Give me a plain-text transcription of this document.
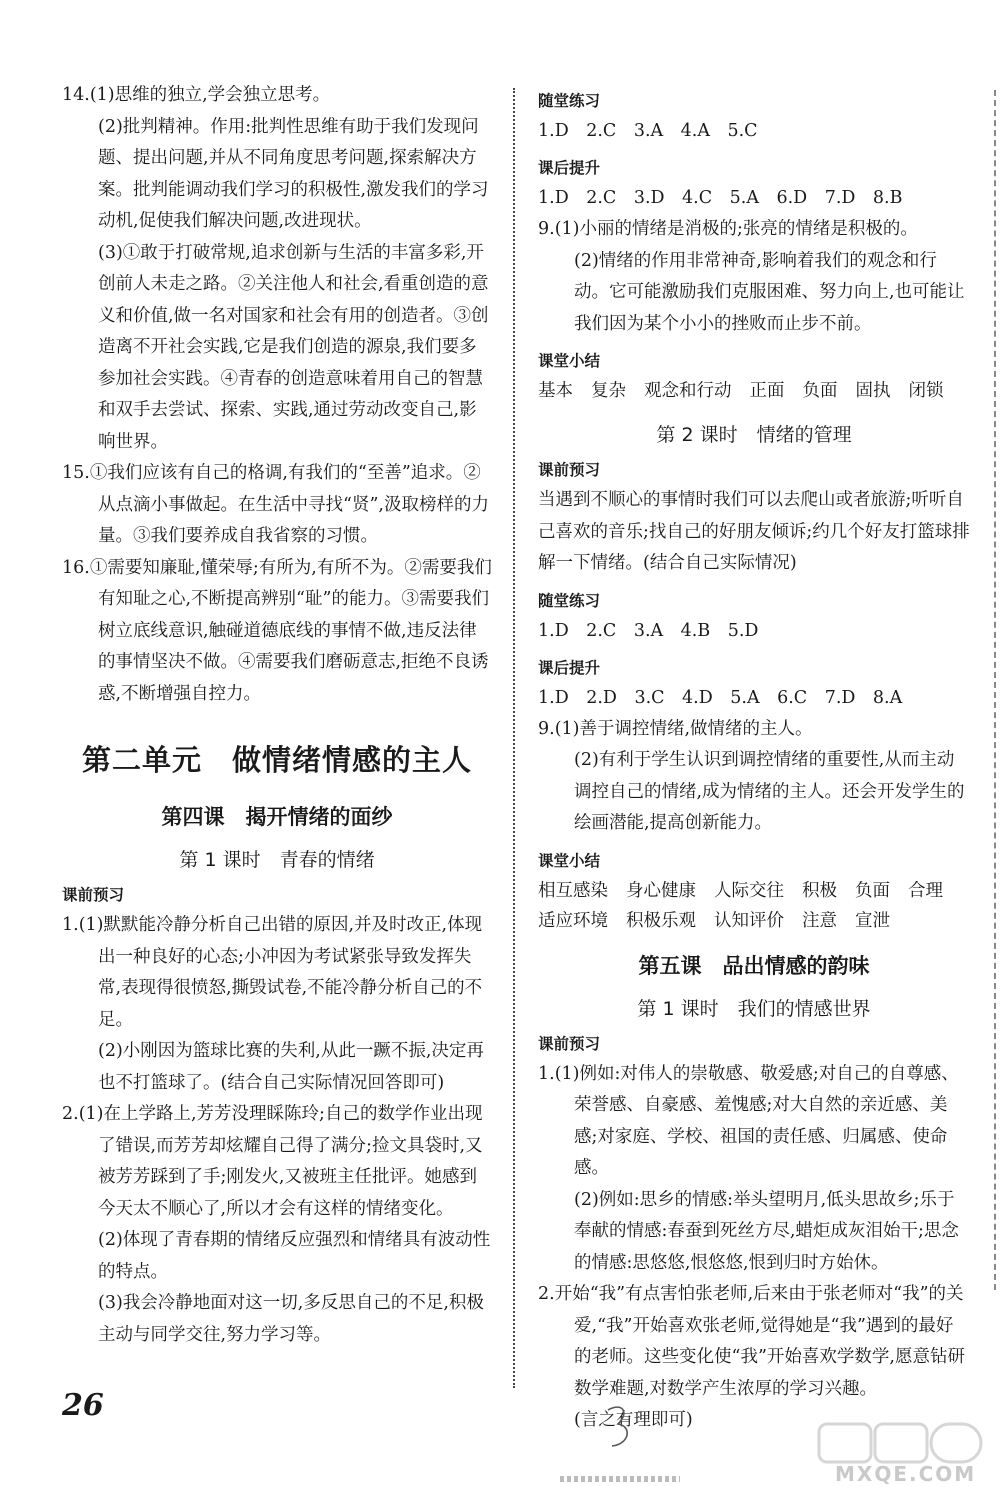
14.(1)思维的独立,学会独立思考。

(2)批判精神。作用:批判性思维有助于我们发现问题、提出问题,并从不同角度思考问题,探索解决方案。批判能调动我们学习的积极性,激发我们的学习动机,促使我们解决问题,改进现状。

(3)①敢于打破常规,追求创新与生活的丰富多彩,开创前人未走之路。②关注他人和社会,看重创造的意义和价值,做一名对国家和社会有用的创造者。③创造离不开社会实践,它是我们创造的源泉,我们要多参加社会实践。④青春的创造意味着用自己的智慧和双手去尝试、探索、实践,通过劳动改变自己,影响世界。

15.①我们应该有自己的格调,有我们的“至善”追求。②从点滴小事做起。在生活中寻找“贤”,汲取榜样的力量。③我们要养成自我省察的习惯。

16.①需要知廉耻,懂荣辱;有所为,有所不为。②需要我们有知耻之心,不断提高辨别“耻”的能力。③需要我们树立底线意识,触碰道德底线的事情不做,违反法律的事情坚决不做。④需要我们磨砺意志,拒绝不良诱惑,不断增强自控力。

第二单元　做情绪情感的主人
第四课　揭开情绪的面纱
第 1 课时　青春的情绪
课前预习

1.(1)默默能冷静分析自己出错的原因,并及时改正,体现出一种良好的心态;小冲因为考试紧张导致发挥失常,表现得很愤怒,撕毁试卷,不能冷静分析自己的不足。

(2)小刚因为篮球比赛的失利,从此一蹶不振,决定再也不打篮球了。(结合自己实际情况回答即可)

2.(1)在上学路上,芳芳没理睬陈玲;自己的数学作业出现了错误,而芳芳却炫耀自己得了满分;捡文具袋时,又被芳芳踩到了手;刚发火,又被班主任批评。她感到今天太不顺心了,所以才会有这样的情绪变化。

(2)体现了青春期的情绪反应强烈和情绪具有波动性的特点。

(3)我会冷静地面对这一切,多反思自己的不足,积极主动与同学交往,努力学习等。

26
随堂练习

1.D　2.C　3.A　4.A　5.C

课后提升

1.D　2.C　3.D　4.C　5.A　6.D　7.D　8.B

9.(1)小丽的情绪是消极的;张亮的情绪是积极的。

(2)情绪的作用非常神奇,影响着我们的观念和行动。它可能激励我们克服困难、努力向上,也可能让我们因为某个小小的挫败而止步不前。

课堂小结
基本 复杂 观念和行动 正面 负面 固执 闭锁
第 2 课时　情绪的管理
课前预习

当遇到不顺心的事情时我们可以去爬山或者旅游;听听自己喜欢的音乐;找自己的好朋友倾诉;约几个好友打篮球排解一下情绪。(结合自己实际情况)

随堂练习

1.D　2.C　3.A　4.B　5.D

课后提升

1.D　2.D　3.C　4.D　5.A　6.C　7.D　8.A

9.(1)善于调控情绪,做情绪的主人。

(2)有利于学生认识到调控情绪的重要性,从而主动调控自己的情绪,成为情绪的主人。还会开发学生的绘画潜能,提高创新能力。

课堂小结
相互感染 身心健康 人际交往 积极 负面 合理
适应环境 积极乐观 认知评价 注意 宣泄
第五课　品出情感的韵味
第 1 课时　我们的情感世界
课前预习

1.(1)例如:对伟人的崇敬感、敬爱感;对自己的自尊感、荣誉感、自豪感、羞愧感;对大自然的亲近感、美感;对家庭、学校、祖国的责任感、归属感、使命感。

(2)例如:思乡的情感:举头望明月,低头思故乡;乐于奉献的情感:春蚕到死丝方尽,蜡炬成灰泪始干;思念的情感:思悠悠,恨悠悠,恨到归时方始休。

2.开始“我”有点害怕张老师,后来由于张老师对“我”的关爱,“我”开始喜欢张老师,觉得她是“我”遇到的最好的老师。这些变化使“我”开始喜欢学数学,愿意钻研数学难题,对数学产生浓厚的学习兴趣。

(言之有理即可)

MXQE.COM
